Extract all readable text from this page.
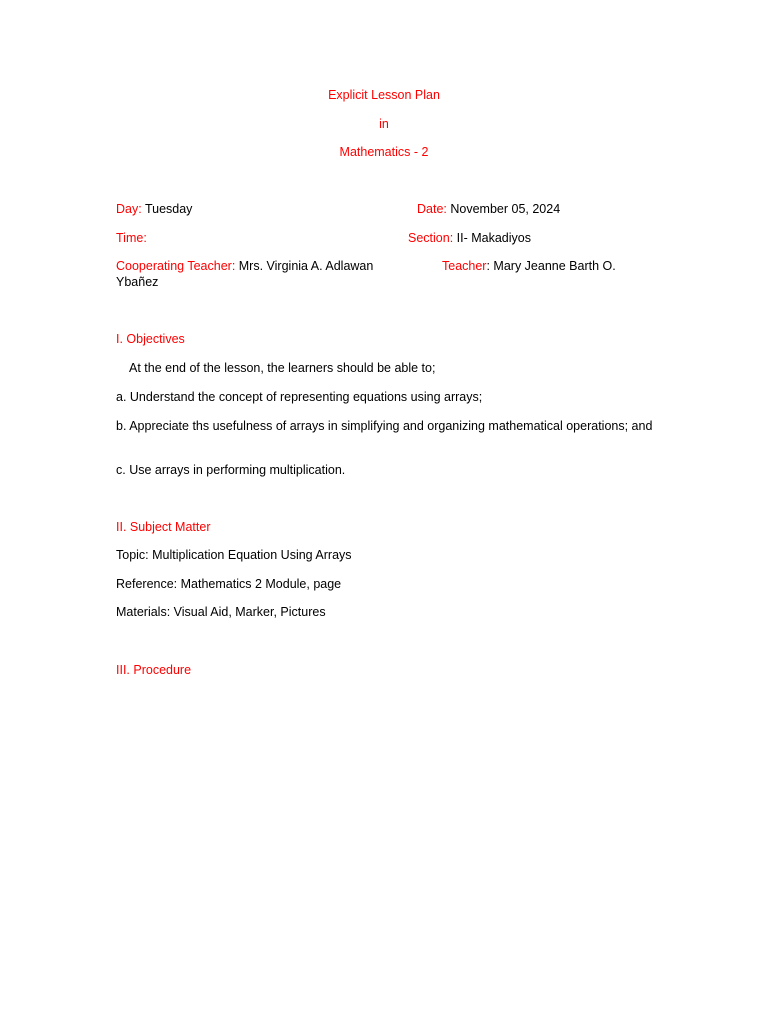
Explicit Lesson Plan
in
Mathematics - 2
Day: Tuesday	Date: November 05, 2024
Time:	Section: II- Makadiyos
Cooperating Teacher: Mrs. Virginia A. Adlawan	Teacher: Mary Jeanne Barth O.
Ybañez
I. Objectives
At the end of the lesson, the learners should be able to;
a. Understand the concept of representing equations using arrays;
b. Appreciate ths usefulness of arrays in simplifying and organizing mathematical operations; and
c. Use arrays in performing multiplication.
II. Subject Matter
Topic: Multiplication Equation Using Arrays
Reference: Mathematics 2 Module, page
Materials: Visual Aid, Marker, Pictures
III. Procedure
